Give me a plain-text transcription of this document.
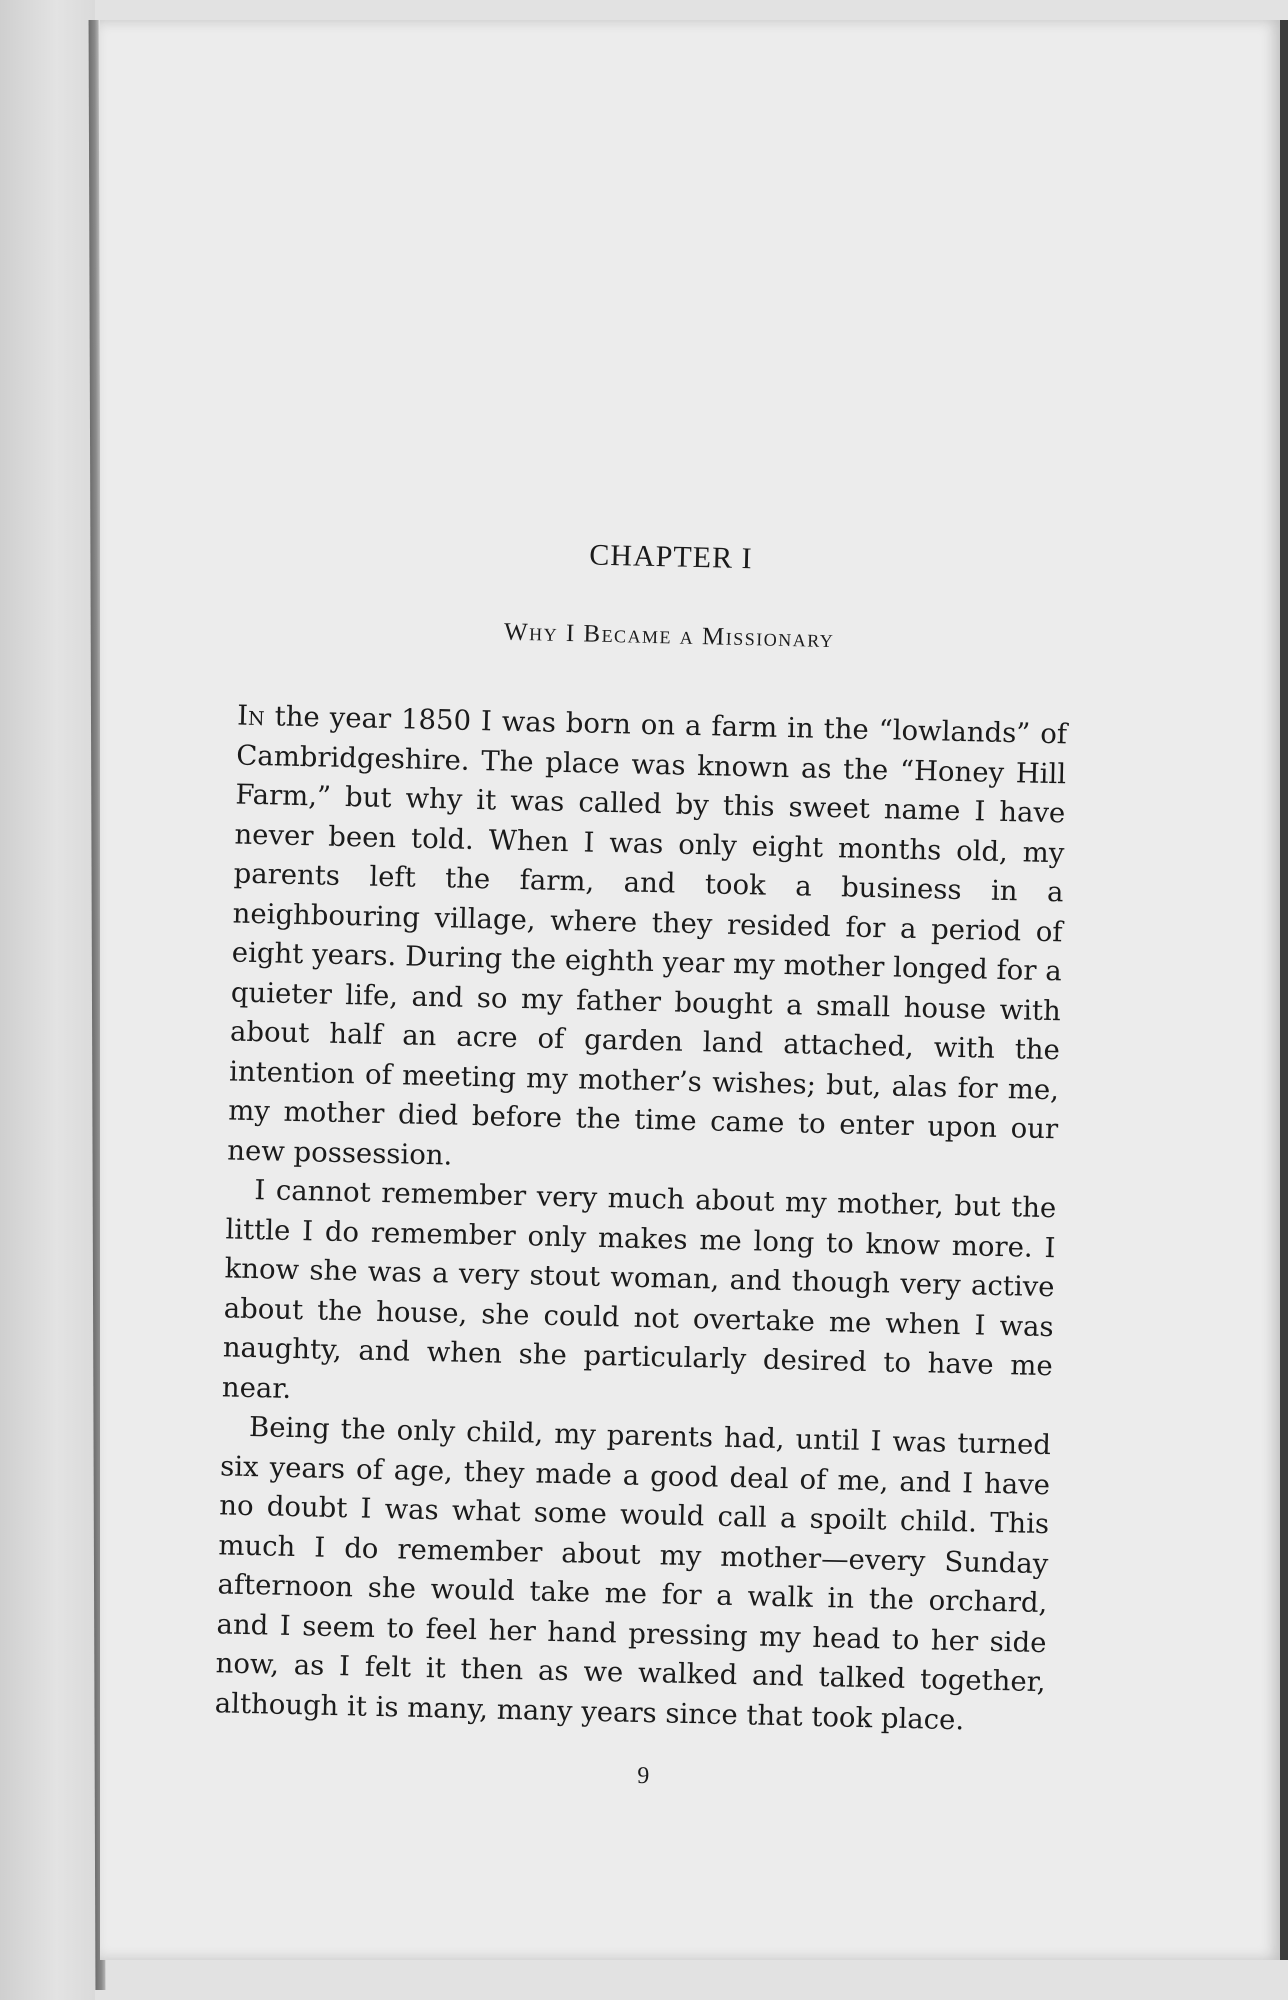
CHAPTER I
Why I Became a Missionary

In the year 1850 I was born on a farm in the “lowlands” of Cambridgeshire. The place was known as the “Honey Hill Farm,” but why it was called by this sweet name I have never been told. When I was only eight months old, my parents left the farm, and took a business in a neighbouring village, where they resided for a period of eight years. During the eighth year my mother longed for a quieter life, and so my father bought a small house with about half an acre of garden land attached, with the intention of meeting my mother’s wishes; but, alas for me, my mother died before the time came to enter upon our new possession.

I cannot remember very much about my mother, but the little I do remember only makes me long to know more. I know she was a very stout woman, and though very active about the house, she could not overtake me when I was naughty, and when she particularly desired to have me near.

Being the only child, my parents had, until I was turned six years of age, they made a good deal of me, and I have no doubt I was what some would call a spoilt child. This much I do remember about my mother—every Sunday afternoon she would take me for a walk in the orchard, and I seem to feel her hand pressing my head to her side now, as I felt it then as we walked and talked together, although it is many, many years since that took place.

9
